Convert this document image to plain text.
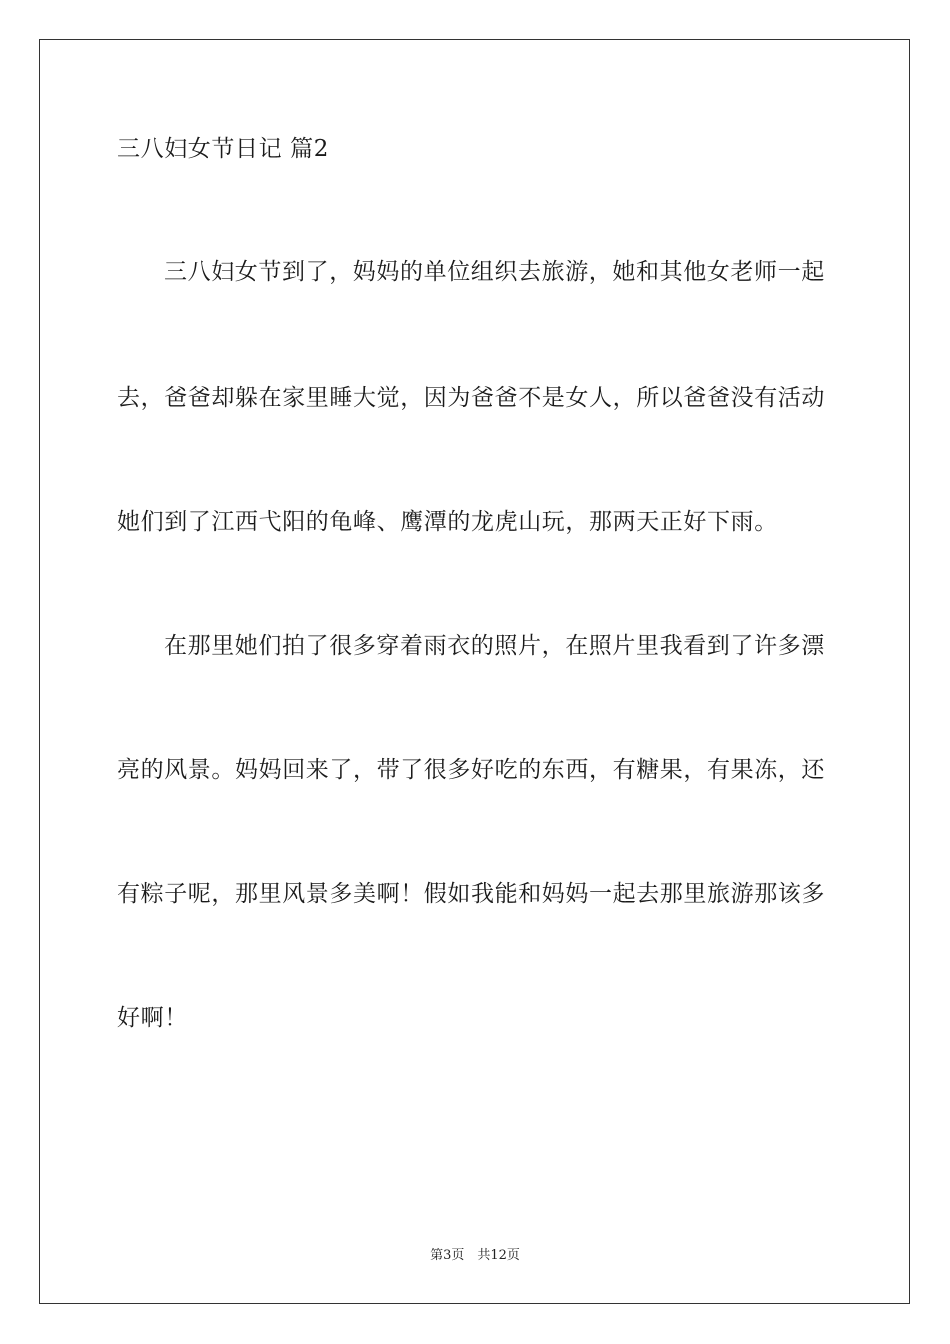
三八妇女节日记 篇2
三八妇女节到了，妈妈的单位组织去旅游，她和其他女老师一起
去，爸爸却躲在家里睡大觉，因为爸爸不是女人，所以爸爸没有活动
她们到了江西弋阳的龟峰、鹰潭的龙虎山玩，那两天正好下雨。
在那里她们拍了很多穿着雨衣的照片，在照片里我看到了许多漂
亮的风景。妈妈回来了，带了很多好吃的东西，有糖果，有果冻，还
有粽子呢，那里风景多美啊！假如我能和妈妈一起去那里旅游那该多
好啊！
第3页　共12页
